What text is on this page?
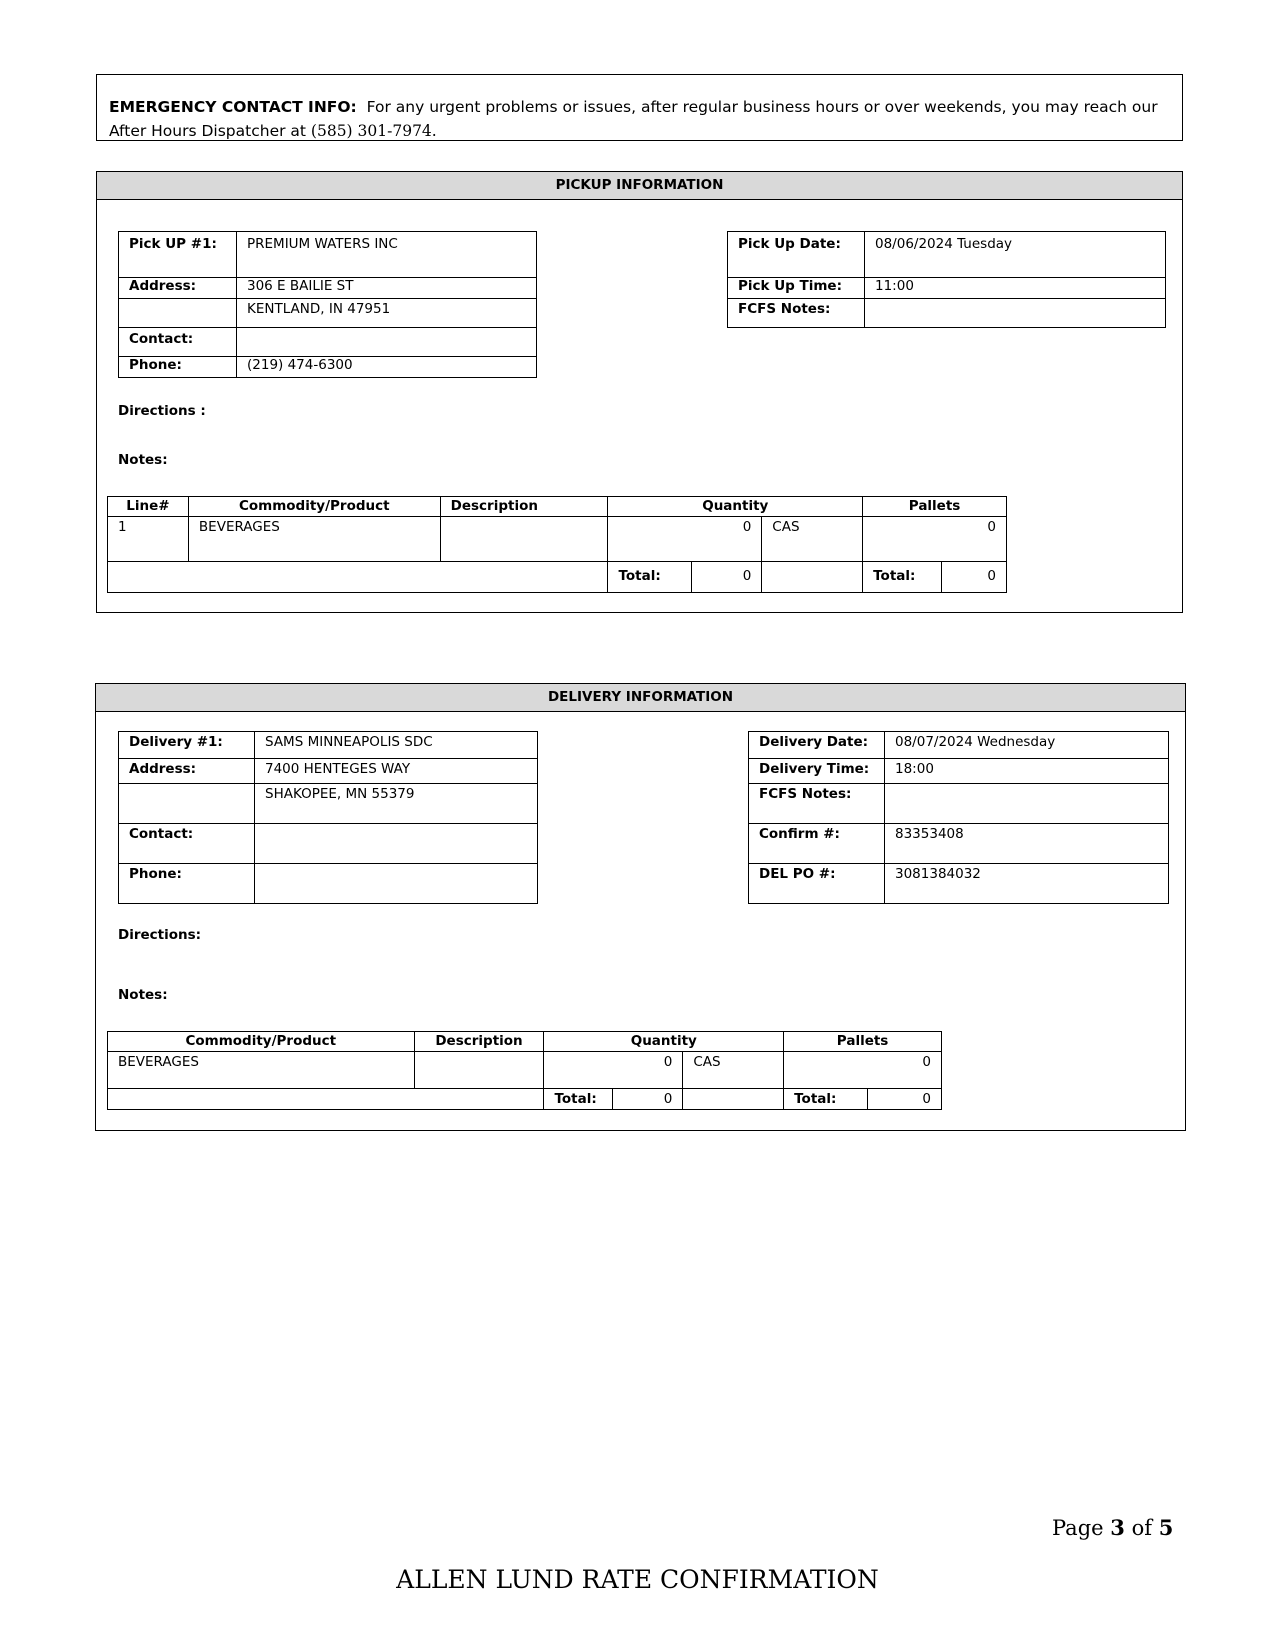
EMERGENCY CONTACT INFO: For any urgent problems or issues, after regular business hours or over weekends, you may reach our After Hours Dispatcher at (585) 301-7974.
PICKUP INFORMATION
Pick UP #1:	PREMIUM WATERS INC
Address:	306 E BAILIE ST
	KENTLAND, IN 47951
Contact:	
Phone:	(219) 474-6300
Pick Up Date:	08/06/2024 Tuesday
Pick Up Time:	11:00
FCFS Notes:	
Directions :
Notes:
Line#	Commodity/Product	Description	Quantity			Pallets	
1	BEVERAGES		0		CAS	0	
			Total:	0		Total:	0
DELIVERY INFORMATION
Delivery #1:	SAMS MINNEAPOLIS SDC
Address:	7400 HENTEGES WAY
	SHAKOPEE, MN 55379
Contact:	
Phone:	
Delivery Date:	08/07/2024 Wednesday
Delivery Time:	18:00
FCFS Notes:	
Confirm #:	83353408
DEL PO #:	3081384032
Directions:
Notes:
Commodity/Product	Description	Quantity			Pallets	
BEVERAGES		0		CAS	0	
		Total:	0		Total:	0
Page 3 of 5
ALLEN LUND RATE CONFIRMATION
